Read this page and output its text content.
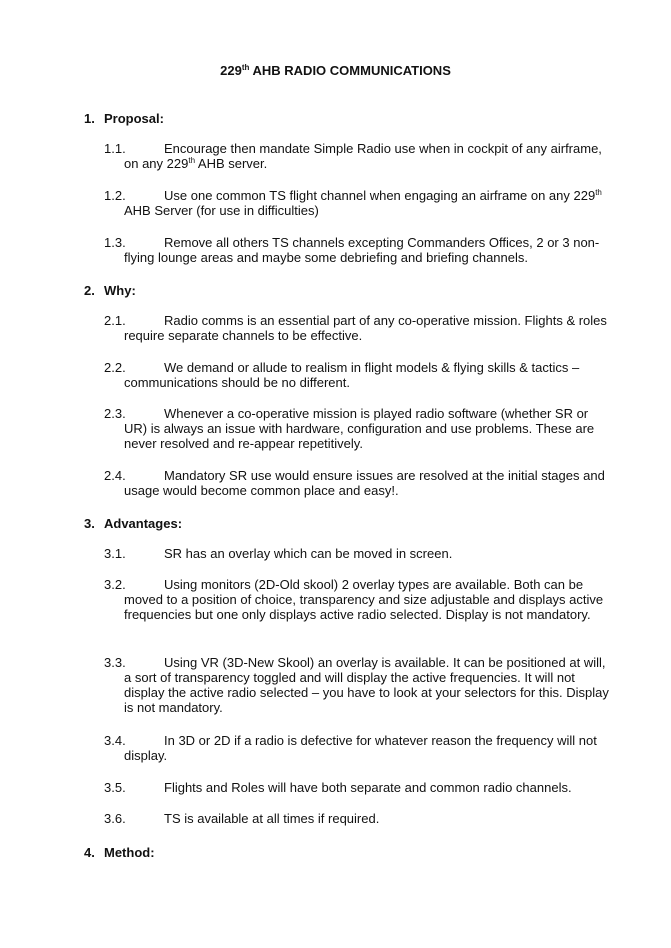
229th AHB RADIO COMMUNICATIONS
1. Proposal:
1.1.	Encourage then mandate Simple Radio use when in cockpit of any airframe, on any 229th AHB server.
1.2.	Use one common TS flight channel when engaging an airframe on any 229th AHB Server (for use in difficulties)
1.3.	Remove all others TS channels excepting Commanders Offices, 2 or 3 non-flying lounge areas and maybe some debriefing and briefing channels.
2. Why:
2.1.	Radio comms is an essential part of any co-operative mission. Flights & roles require separate channels to be effective.
2.2.	We demand or allude to realism in flight models & flying skills & tactics – communications should be no different.
2.3.	Whenever a co-operative mission is played radio software (whether SR or UR) is always an issue with hardware, configuration and use problems. These are never resolved and re-appear repetitively.
2.4.	Mandatory SR use would ensure issues are resolved at the initial stages and usage would become common place and easy!.
3. Advantages:
3.1.	SR has an overlay which can be moved in screen.
3.2.	Using monitors (2D-Old skool) 2 overlay types are available. Both can be moved to a position of choice, transparency and size adjustable and displays active frequencies but one only displays active radio selected. Display is not mandatory.
3.3.	Using VR (3D-New Skool) an overlay is available. It can be positioned at will, a sort of transparency toggled and will display the active frequencies. It will not display the active radio selected – you have to look at your selectors for this. Display is not mandatory.
3.4.	In 3D or 2D if a radio is defective for whatever reason the frequency will not display.
3.5.	Flights and Roles will have both separate and common radio channels.
3.6.	TS is available at all times if required.
4. Method:
